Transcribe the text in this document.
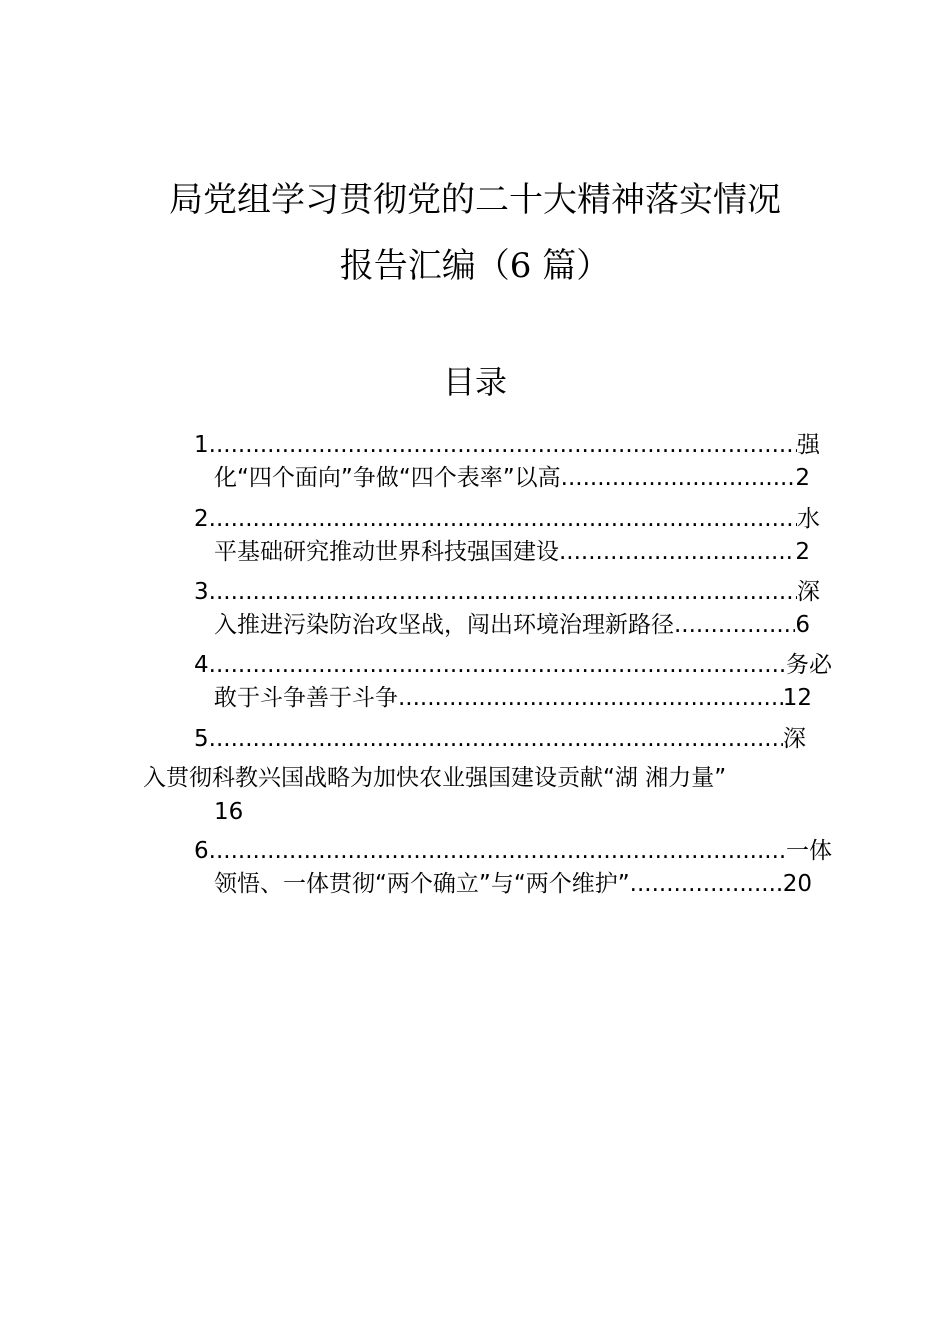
局党组学习贯彻党的二十大精神落实情况
报告汇编（6 篇）
目录
1 .....	强
化“四个面向”争做“四个表率”以高 .....	2
2 .....	水
平基础研究推动世界科技强国建设 .....	2
3 .....	深
入推进污染防治攻坚战，闯出环境治理新路径 .....	6
4 .....	务必
敢于斗争善于斗争 .....	12
5 .....	深
入贯彻科教兴国战略为加快农业强国建设贡献“湖 湘力量”
16
6 .....	一体
领悟、一体贯彻“两个确立”与“两个维护” .....	20
